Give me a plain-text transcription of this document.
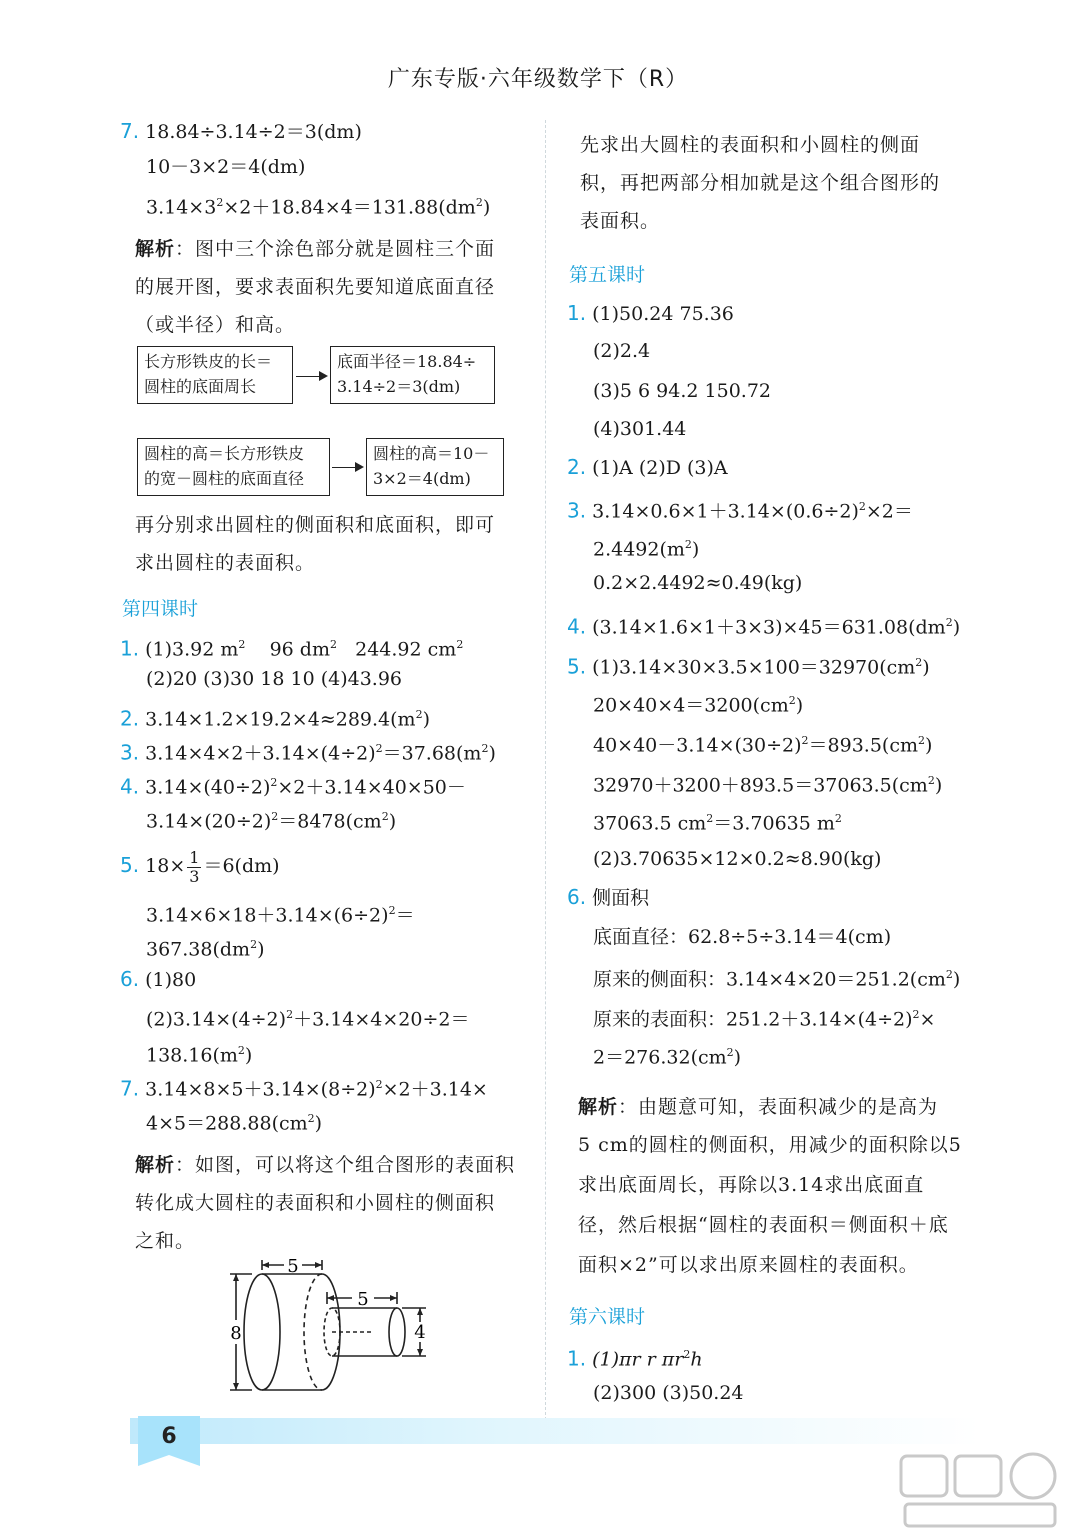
广东专版·六年级数学下（R）
7. 18.84÷3.14÷2＝3(dm)
10－3×2＝4(dm)
$3.14\times 3^2\times 2+18.84\times 4=131.88(dm^2)$
解析：图中三个涂色部分就是圆柱三个面
的展开图，要求表面积先要知道底面直径
（或半径）和高。
长方形铁皮的长＝
圆柱的底面周长
底面半径＝18.84÷
3.14÷2＝3(dm)
圆柱的高＝长方形铁皮
的宽－圆柱的底面直径
圆柱的高＝10－
3×2＝4(dm)
再分别求出圆柱的侧面积和底面积，即可
求出圆柱的表面积。
第四课时
1. (1)3.92 $m^2$ 96 $dm^2$ 244.92 $cm^2$
(2)20 (3)30 18 10 (4)43.96
2. $3.14\times 1.2\times 19.2\times 4\approx 289.4(m^2)$
3. $3.14\times 4\times 2+3.14\times(4\div 2)^2=37.68(m^2)$
4. $3.14\times(40\div 2)^2\times 2+3.14\times 40\times 50-$
$3.14\times(20\div 2)^2=8478(cm^2)$
5. $18\times \frac{1}{3} =6(dm)$
$3.14\times 6\times 18+3.14\times(6\div 2)^2=$
$367.38(dm^2)$
6. (1)80
$(2)3.14\times(4\div 2)^2+3.14\times 4\times 20\div 2=$
$138.16(m^2)$
7. $3.14\times 8\times 5+3.14\times(8\div 2)^2\times 2+3.14\times$
$4\times 5=288.88(cm^2)$
解析：如图，可以将这个组合图形的表面积
转化成大圆柱的表面积和小圆柱的侧面积
之和。
5
5
8	4
先求出大圆柱的表面积和小圆柱的侧面
积，再把两部分相加就是这个组合图形的
表面积。
第五课时
1. (1)50.24 75.36
(2)2.4
(3)5 6 94.2 150.72
(4)301.44
2. (1)A (2)D (3)A
3. $3.14\times 0.6\times 1+3.14\times(0.6\div 2)^2\times 2=$
$2.4492(m^2)$
0.2×2.4492≈0.49(kg)
4. $(3.14\times 1.6\times 1+3\times 3)\times 45=631.08(dm^2)$
5. $(1)3.14\times 30\times 3.5\times 100=32970(cm^2)$
$20\times 40\times 4=3200(cm^2)$
$40\times 40-3.14\times(30\div 2)^2=893.5(cm^2)$
$32970+3200+893.5=37063.5(cm^2)$
37063.5 $cm^2=3.70635$ $m^2$
(2)3.70635×12×0.2≈8.90(kg)
6. 侧面积
底面直径：62.8÷5÷3.14＝4(cm)
原来的侧面积：$3.14\times 4\times 20=251.2(cm^2)$
原来的表面积：$251.2+3.14\times(4\div 2)^2\times$
$2=276.32(cm^2)$
解析：由题意可知，表面积减少的是高为
5 cm的圆柱的侧面积，用减少的面积除以5
求出底面周长，再除以3.14求出底面直
径，然后根据“圆柱的表面积＝侧面积＋底
面积×2”可以求出原来圆柱的表面积。
第六课时
1. (1)πr r $\pi r^2h$
(2)300 (3)50.24
6
